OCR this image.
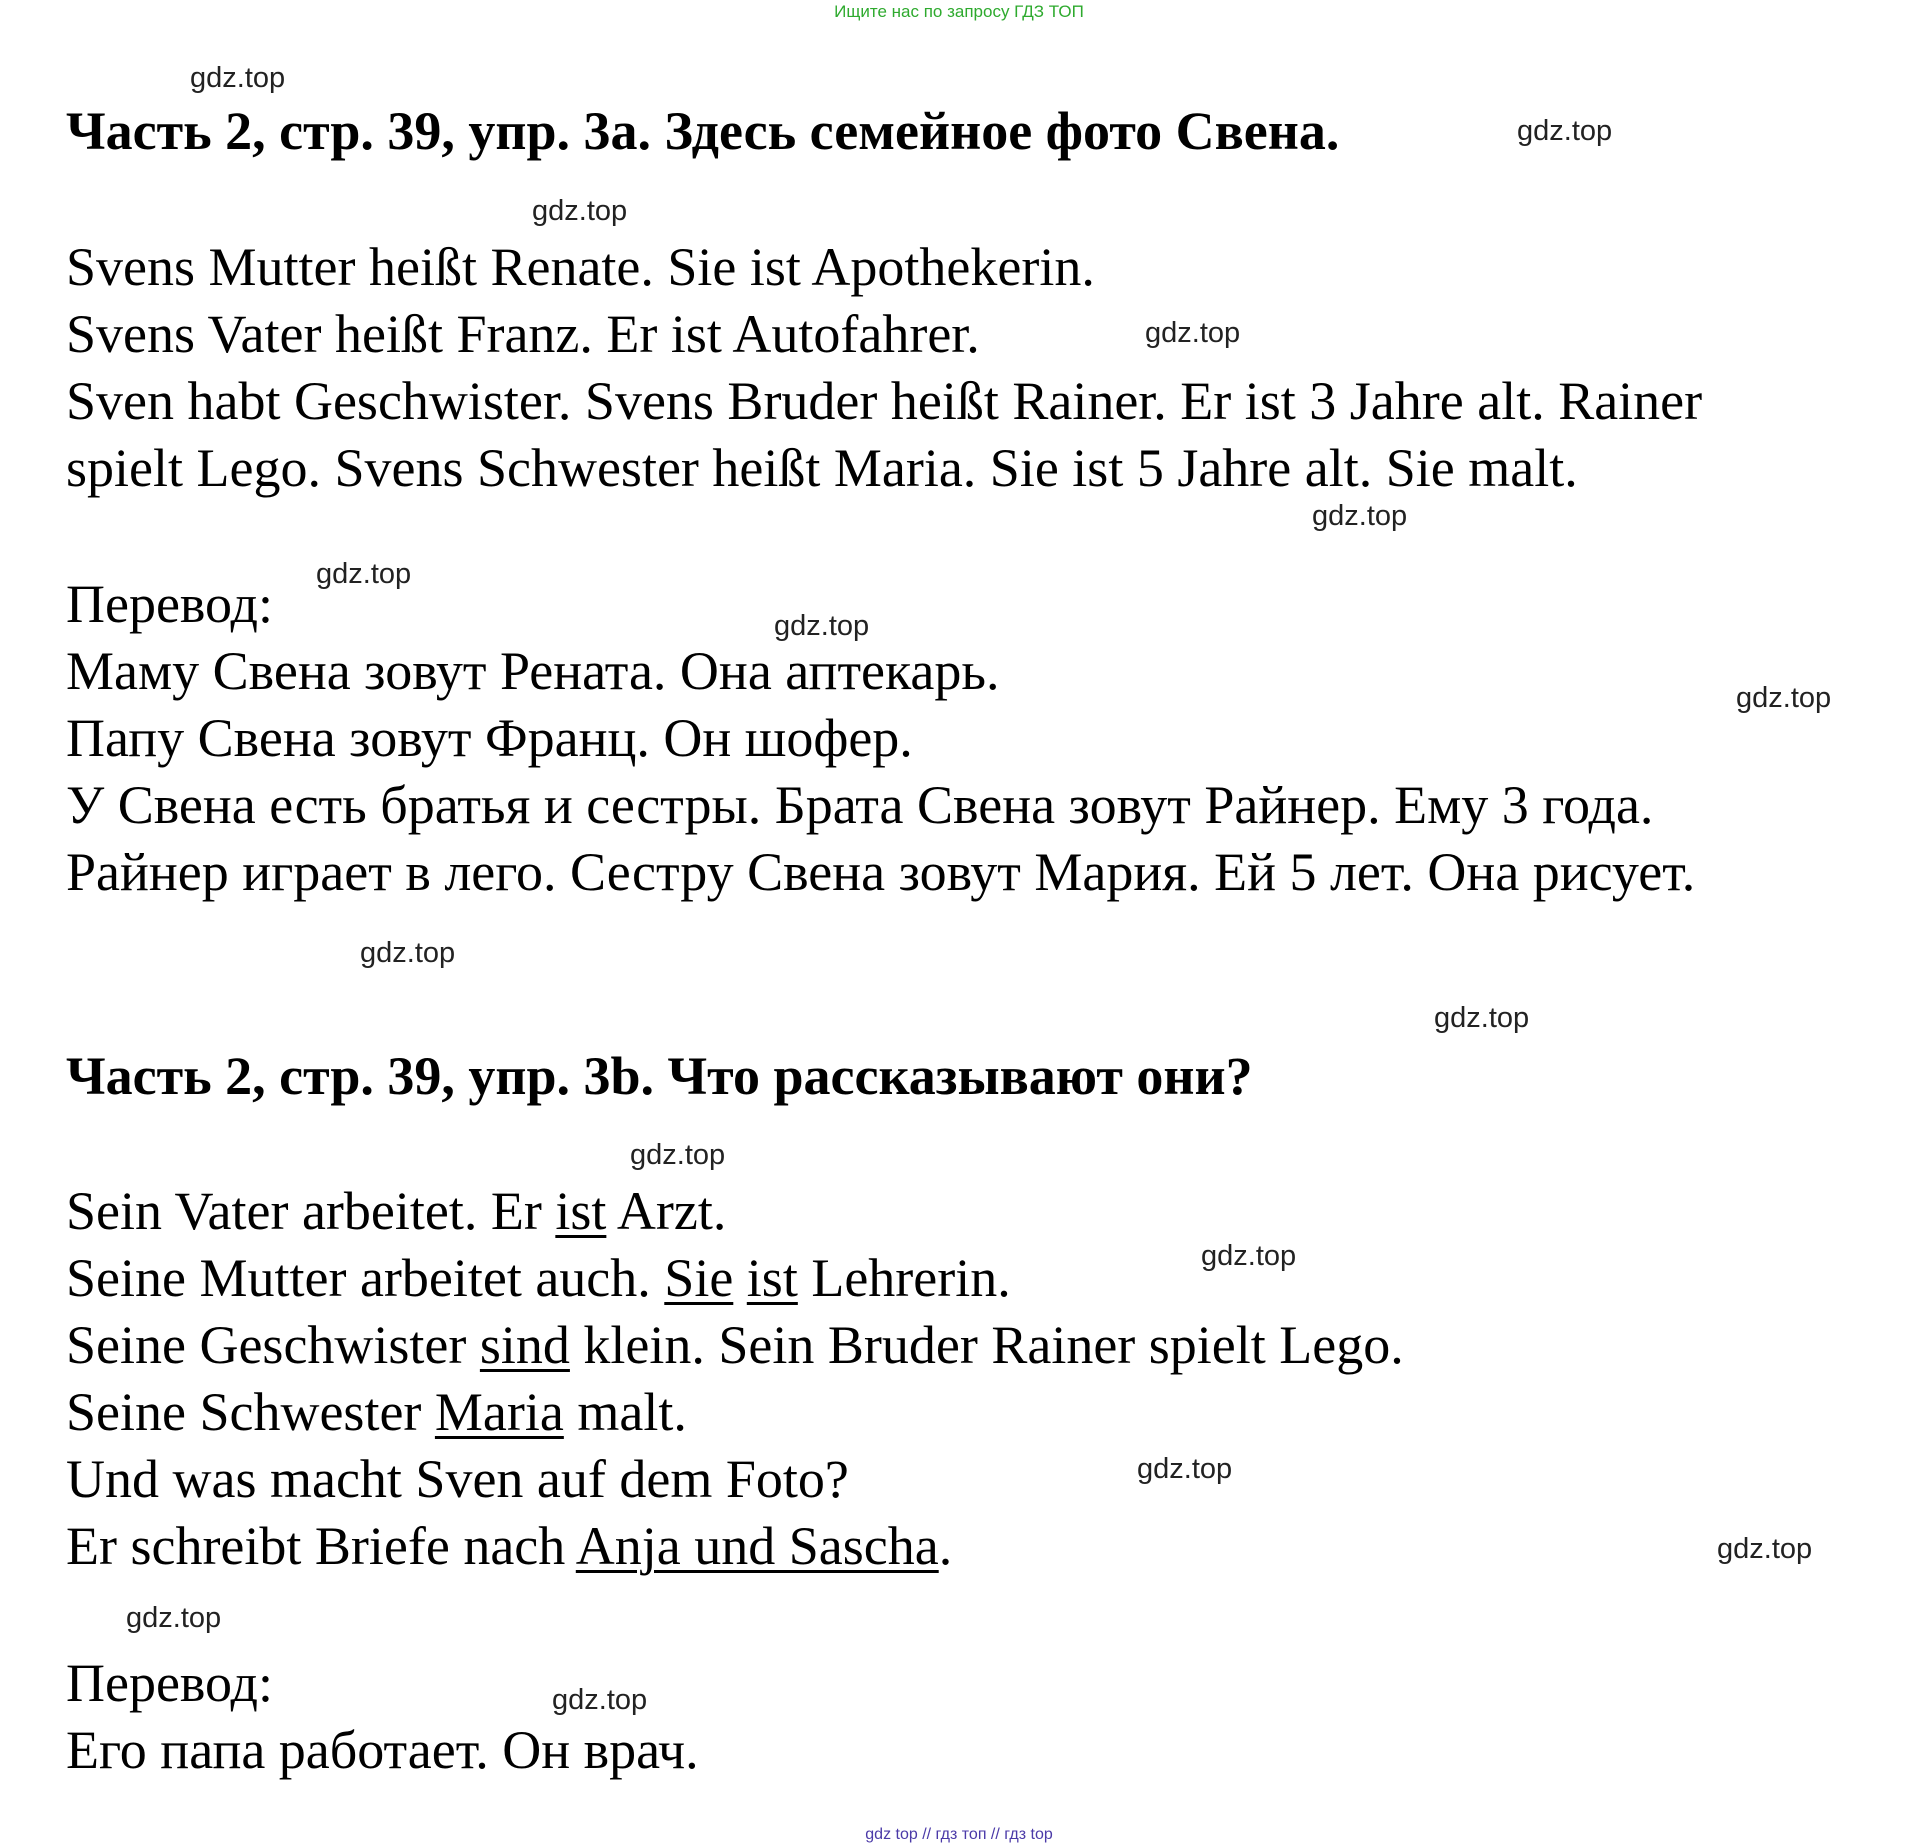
Ищите нас по запросу ГДЗ ТОП
Часть 2, стр. 39, упр. 3a. Здесь семейное фото Свена.

Svens Mutter heißt Renate. Sie ist Apothekerin.

Svens Vater heißt Franz. Er ist Autofahrer.

Sven habt Geschwister. Svens Bruder heißt Rainer. Er ist 3 Jahre alt. Rainer

spielt Lego. Svens Schwester heißt Maria. Sie ist 5 Jahre alt. Sie malt.

Перевод:

Маму Свена зовут Рената. Она аптекарь.

Папу Свена зовут Франц. Он шофер.

У Свена есть братья и сестры. Брата Свена зовут Райнер. Ему 3 года.

Райнер играет в лего. Сестру Свена зовут Мария. Ей 5 лет. Она рисует.

Часть 2, стр. 39, упр. 3b. Что рассказывают они?

Sein Vater arbeitet. Er ist Arzt.

Seine Mutter arbeitet auch. Sie ist Lehrerin.

Seine Geschwister sind klein. Sein Bruder Rainer spielt Lego.

Seine Schwester Maria malt.

Und was macht Sven auf dem Foto?

Er schreibt Briefe nach Anja und Sascha.

Перевод:

Его папа работает. Он врач.

gdz.top
gdz.top
gdz.top
gdz.top
gdz.top
gdz.top
gdz.top
gdz.top
gdz.top
gdz.top
gdz.top
gdz.top
gdz.top
gdz.top
gdz.top
gdz.top
gdz top // гдз топ // гдз top
